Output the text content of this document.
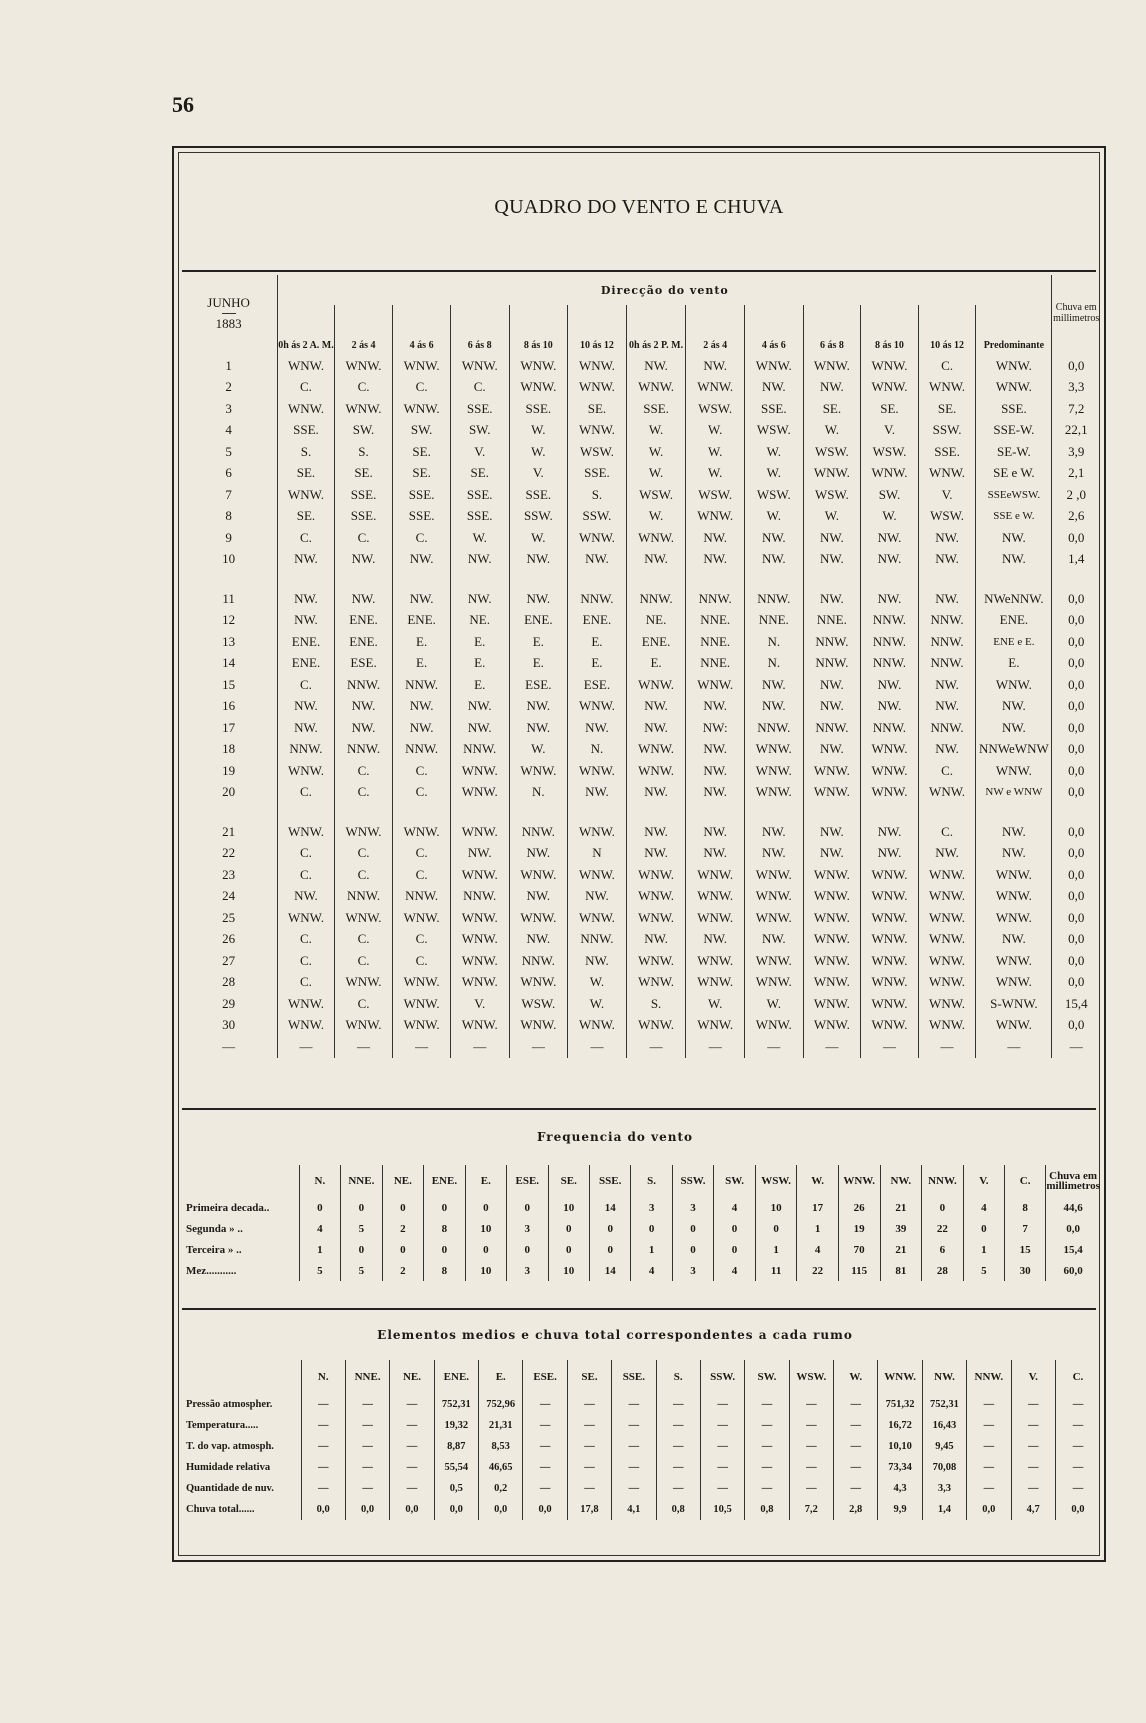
56
QUADRO DO VENTO E CHUVA
JUNHO
1883	Direcção do vento													Chuva em millimetros
	0h ás 2 A. M.	2 ás 4	4 ás 6	6 ás 8	8 ás 10	10 ás 12	0h ás 2 P. M.	2 ás 4	4 ás 6	6 ás 8	8 ás 10	10 ás 12	Predominante	
1	WNW.	WNW.	WNW.	WNW.	WNW.	WNW.	NW.	NW.	WNW.	WNW.	WNW.	C.	WNW.	0,0
2	C.	C.	C.	C.	WNW.	WNW.	WNW.	WNW.	NW.	NW.	WNW.	WNW.	WNW.	3,3
3	WNW.	WNW.	WNW.	SSE.	SSE.	SE.	SSE.	WSW.	SSE.	SE.	SE.	SE.	SSE.	7,2
4	SSE.	SW.	SW.	SW.	W.	WNW.	W.	W.	WSW.	W.	V.	SSW.	SSE-W.	22,1
5	S.	S.	SE.	V.	W.	WSW.	W.	W.	W.	WSW.	WSW.	SSE.	SE-W.	3,9
6	SE.	SE.	SE.	SE.	V.	SSE.	W.	W.	W.	WNW.	WNW.	WNW.	SE e W.	2,1
7	WNW.	SSE.	SSE.	SSE.	SSE.	S.	WSW.	WSW.	WSW.	WSW.	SW.	V.	SSEeWSW.	2 ,0
8	SE.	SSE.	SSE.	SSE.	SSW.	SSW.	W.	WNW.	W.	W.	W.	WSW.	SSE e W.	2,6
9	C.	C.	C.	W.	W.	WNW.	WNW.	NW.	NW.	NW.	NW.	NW.	NW.	0,0
10	NW.	NW.	NW.	NW.	NW.	NW.	NW.	NW.	NW.	NW.	NW.	NW.	NW.	1,4

11	NW.	NW.	NW.	NW.	NW.	NNW.	NNW.	NNW.	NNW.	NW.	NW.	NW.	NWeNNW.	0,0
12	NW.	ENE.	ENE.	NE.	ENE.	ENE.	NE.	NNE.	NNE.	NNE.	NNW.	NNW.	ENE.	0,0
13	ENE.	ENE.	E.	E.	E.	E.	ENE.	NNE.	N.	NNW.	NNW.	NNW.	ENE e E.	0,0
14	ENE.	ESE.	E.	E.	E.	E.	E.	NNE.	N.	NNW.	NNW.	NNW.	E.	0,0
15	C.	NNW.	NNW.	E.	ESE.	ESE.	WNW.	WNW.	NW.	NW.	NW.	NW.	WNW.	0,0
16	NW.	NW.	NW.	NW.	NW.	WNW.	NW.	NW.	NW.	NW.	NW.	NW.	NW.	0,0
17	NW.	NW.	NW.	NW.	NW.	NW.	NW.	NW:	NNW.	NNW.	NNW.	NNW.	NW.	0,0
18	NNW.	NNW.	NNW.	NNW.	W.	N.	WNW.	NW.	WNW.	NW.	WNW.	NW.	NNWeWNW	0,0
19	WNW.	C.	C.	WNW.	WNW.	WNW.	WNW.	NW.	WNW.	WNW.	WNW.	C.	WNW.	0,0
20	C.	C.	C.	WNW.	N.	NW.	NW.	NW.	WNW.	WNW.	WNW.	WNW.	NW e WNW	0,0

21	WNW.	WNW.	WNW.	WNW.	NNW.	WNW.	NW.	NW.	NW.	NW.	NW.	C.	NW.	0,0
22	C.	C.	C.	NW.	NW.	N	NW.	NW.	NW.	NW.	NW.	NW.	NW.	0,0
23	C.	C.	C.	WNW.	WNW.	WNW.	WNW.	WNW.	WNW.	WNW.	WNW.	WNW.	WNW.	0,0
24	NW.	NNW.	NNW.	NNW.	NW.	NW.	WNW.	WNW.	WNW.	WNW.	WNW.	WNW.	WNW.	0,0
25	WNW.	WNW.	WNW.	WNW.	WNW.	WNW.	WNW.	WNW.	WNW.	WNW.	WNW.	WNW.	WNW.	0,0
26	C.	C.	C.	WNW.	NW.	NNW.	NW.	NW.	NW.	WNW.	WNW.	WNW.	NW.	0,0
27	C.	C.	C.	WNW.	NNW.	NW.	WNW.	WNW.	WNW.	WNW.	WNW.	WNW.	WNW.	0,0
28	C.	WNW.	WNW.	WNW.	WNW.	W.	WNW.	WNW.	WNW.	WNW.	WNW.	WNW.	WNW.	0,0
29	WNW.	C.	WNW.	V.	WSW.	W.	S.	W.	W.	WNW.	WNW.	WNW.	S-WNW.	15,4
30	WNW.	WNW.	WNW.	WNW.	WNW.	WNW.	WNW.	WNW.	WNW.	WNW.	WNW.	WNW.	WNW.	0,0
—	—	—	—	—	—	—	—	—	—	—	—	—	—	—
Frequencia do vento
	N.	NNE.	NE.	ENE.	E.	ESE.	SE.	SSE.	S.	SSW.	SW.	WSW.	W.	WNW.	NW.	NNW.	V.	C.	Chuva em millimetros
Primeira decada..	0	0	0	0	0	0	10	14	3	3	4	10	17	26	21	0	4	8	44,6
Segunda » ..	4	5	2	8	10	3	0	0	0	0	0	0	1	19	39	22	0	7	0,0
Terceira » ..	1	0	0	0	0	0	0	0	1	0	0	1	4	70	21	6	1	15	15,4
Mez...........	5	5	2	8	10	3	10	14	4	3	4	11	22	115	81	28	5	30	60,0
Elementos medios e chuva total correspondentes a cada rumo
	N.	NNE.	NE.	ENE.	E.	ESE.	SE.	SSE.	S.	SSW.	SW.	WSW.	W.	WNW.	NW.	NNW.	V.	C.
Pressão atmospher.	—	—	—	752,31	752,96	—	—	—	—	—	—	—	—	751,32	752,31	—	—	—
Temperatura.....	—	—	—	19,32	21,31	—	—	—	—	—	—	—	—	16,72	16,43	—	—	—
T. do vap. atmosph.	—	—	—	8,87	8,53	—	—	—	—	—	—	—	—	10,10	9,45	—	—	—
Humidade relativa	—	—	—	55,54	46,65	—	—	—	—	—	—	—	—	73,34	70,08	—	—	—
Quantidade de nuv.	—	—	—	0,5	0,2	—	—	—	—	—	—	—	—	4,3	3,3	—	—	—
Chuva total......	0,0	0,0	0,0	0,0	0,0	0,0	17,8	4,1	0,8	10,5	0,8	7,2	2,8	9,9	1,4	0,0	4,7	0,0
